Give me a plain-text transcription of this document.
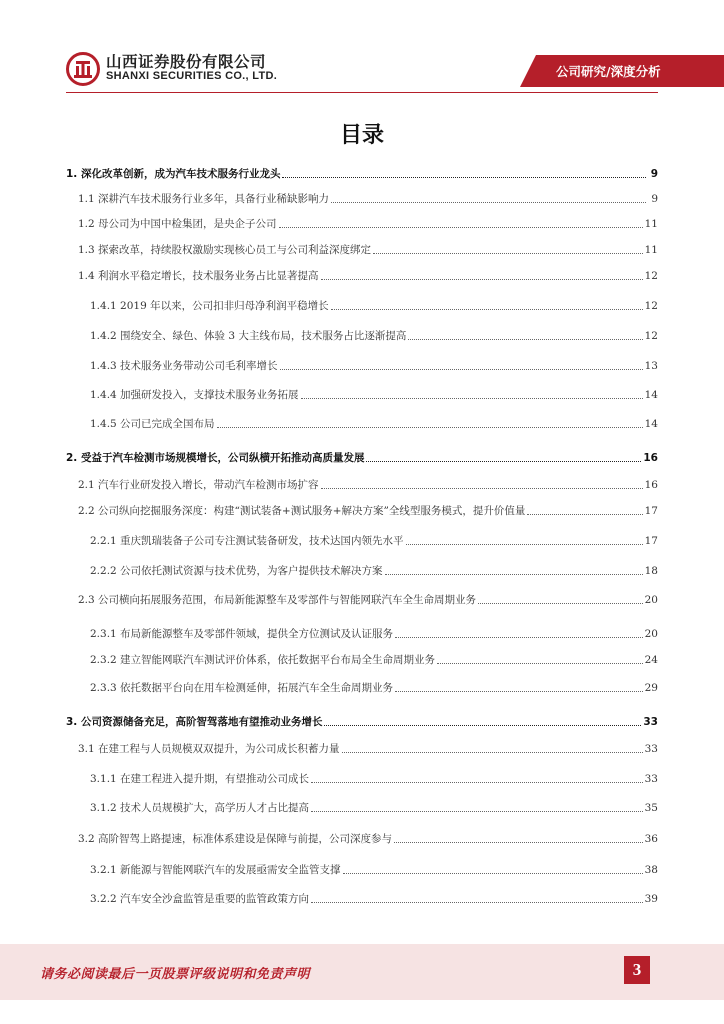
山西证券股份有限公司
SHANXI SECURITIES CO., LTD.	公司研究/深度分析
目录
1. 深化改革创新，成为汽车技术服务行业龙头	9
1.1 深耕汽车技术服务行业多年，具备行业稀缺影响力	9
1.2 母公司为中国中检集团，是央企子公司	11
1.3 探索改革，持续股权激励实现核心员工与公司利益深度绑定	11
1.4 利润水平稳定增长，技术服务业务占比显著提高	12
1.4.1 2019 年以来，公司扣非归母净利润平稳增长	12
1.4.2 围绕安全、绿色、体验 3 大主线布局，技术服务占比逐渐提高	12
1.4.3 技术服务业务带动公司毛利率增长	13
1.4.4 加强研发投入，支撑技术服务业务拓展	14
1.4.5 公司已完成全国布局	14
2. 受益于汽车检测市场规模增长，公司纵横开拓推动高质量发展	16
2.1 汽车行业研发投入增长，带动汽车检测市场扩容	16
2.2 公司纵向挖掘服务深度：构建“测试装备+测试服务+解决方案”全线型服务模式，提升价值量	17
2.2.1 重庆凯瑞装备子公司专注测试装备研发，技术达国内领先水平	17
2.2.2 公司依托测试资源与技术优势，为客户提供技术解决方案	18
2.3 公司横向拓展服务范围，布局新能源整车及零部件与智能网联汽车全生命周期业务	20
2.3.1 布局新能源整车及零部件领域，提供全方位测试及认证服务	20
2.3.2 建立智能网联汽车测试评价体系，依托数据平台布局全生命周期业务	24
2.3.3 依托数据平台向在用车检测延伸，拓展汽车全生命周期业务	29
3. 公司资源储备充足，高阶智驾落地有望推动业务增长	33
3.1 在建工程与人员规模双双提升，为公司成长积蓄力量	33
3.1.1 在建工程进入提升期，有望推动公司成长	33
3.1.2 技术人员规模扩大，高学历人才占比提高	35
3.2 高阶智驾上路提速，标准体系建设是保障与前提，公司深度参与	36
3.2.1 新能源与智能网联汽车的发展亟需安全监管支撑	38
3.2.2 汽车安全沙盒监管是重要的监管政策方向	39
请务必阅读最后一页股票评级说明和免责声明	3
